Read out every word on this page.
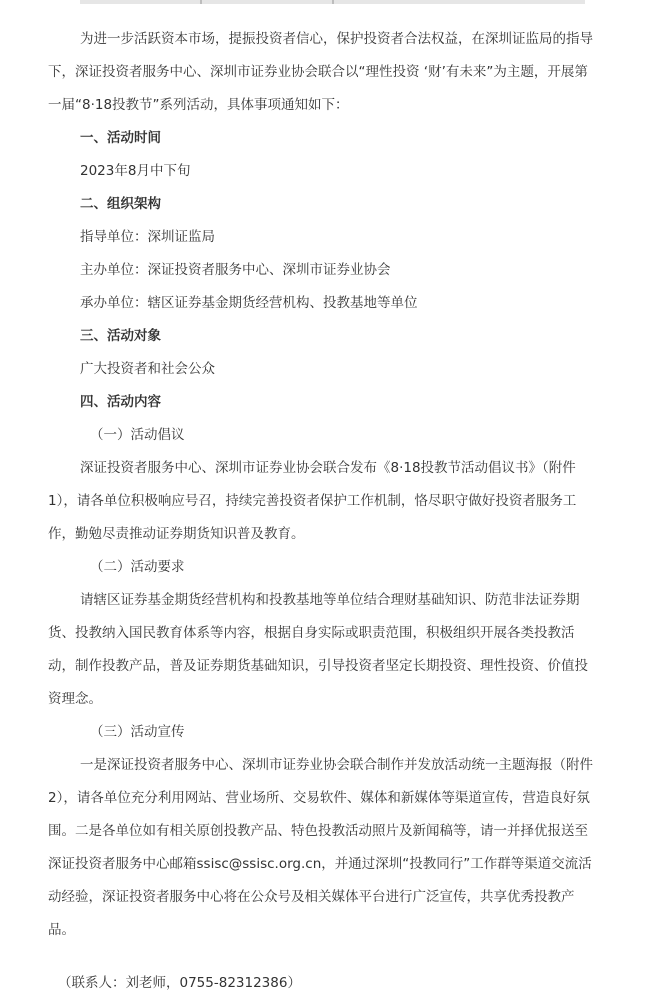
为进一步活跃资本市场，提振投资者信心，保护投资者合法权益，在深圳证监局的指导下，深证投资者服务中心、深圳市证券业协会联合以“理性投资 ‘财’有未来”为主题，开展第一届“8·18投教节”系列活动，具体事项通知如下：

一、活动时间

2023年8月中下旬

二、组织架构

指导单位：深圳证监局

主办单位：深证投资者服务中心、深圳市证券业协会

承办单位：辖区证券基金期货经营机构、投教基地等单位

三、活动对象

广大投资者和社会公众

四、活动内容

（一）活动倡议

深证投资者服务中心、深圳市证券业协会联合发布《8·18投教节活动倡议书》（附件1），请各单位积极响应号召，持续完善投资者保护工作机制，恪尽职守做好投资者服务工作，勤勉尽责推动证券期货知识普及教育。

（二）活动要求

请辖区证券基金期货经营机构和投教基地等单位结合理财基础知识、防范非法证券期货、投教纳入国民教育体系等内容，根据自身实际或职责范围，积极组织开展各类投教活动，制作投教产品，普及证券期货基础知识，引导投资者坚定长期投资、理性投资、价值投资理念。

（三）活动宣传

一是深证投资者服务中心、深圳市证券业协会联合制作并发放活动统一主题海报（附件2），请各单位充分利用网站、营业场所、交易软件、媒体和新媒体等渠道宣传，营造良好氛围。二是各单位如有相关原创投教产品、特色投教活动照片及新闻稿等，请一并择优报送至深证投资者服务中心邮箱ssisc@ssisc.org.cn，并通过深圳“投教同行”工作群等渠道交流活动经验，深证投资者服务中心将在公众号及相关媒体平台进行广泛宣传，共享优秀投教产品。

（联系人：刘老师，0755-82312386）
